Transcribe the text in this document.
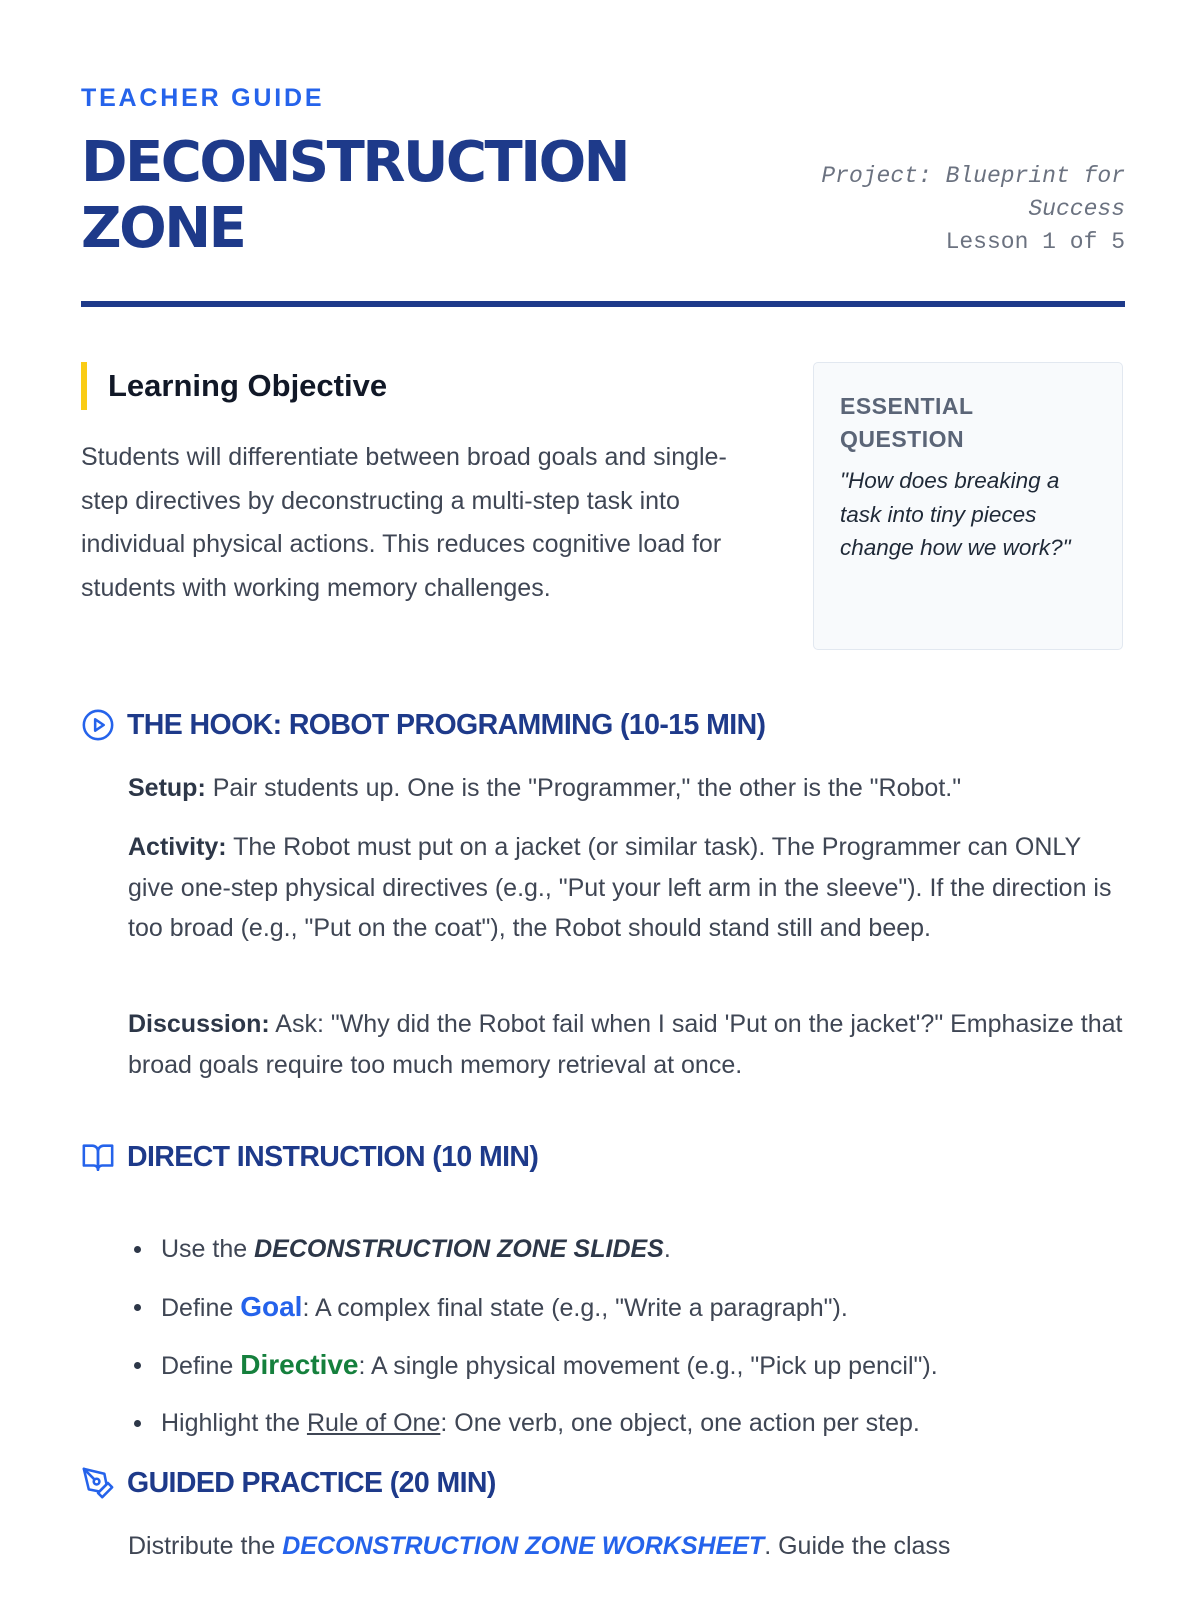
TEACHER GUIDE
DECONSTRUCTION ZONE
Project: Blueprint for Success
Lesson 1 of 5
Learning Objective
Students will differentiate between broad goals and single-step directives by deconstructing a multi-step task into individual physical actions. This reduces cognitive load for students with working memory challenges.
ESSENTIAL QUESTION
"How does breaking a task into tiny pieces change how we work?"
THE HOOK: ROBOT PROGRAMMING (10-15 MIN)
Setup: Pair students up. One is the "Programmer," the other is the "Robot."
Activity: The Robot must put on a jacket (or similar task). The Programmer can ONLY give one-step physical directives (e.g., "Put your left arm in the sleeve"). If the direction is too broad (e.g., "Put on the coat"), the Robot should stand still and beep.
Discussion: Ask: "Why did the Robot fail when I said 'Put on the jacket'?" Emphasize that broad goals require too much memory retrieval at once.
DIRECT INSTRUCTION (10 MIN)
Use the DECONSTRUCTION ZONE SLIDES.
Define Goal: A complex final state (e.g., "Write a paragraph").
Define Directive: A single physical movement (e.g., "Pick up pencil").
Highlight the Rule of One: One verb, one object, one action per step.
GUIDED PRACTICE (20 MIN)
Distribute the DECONSTRUCTION ZONE WORKSHEET. Guide the class
